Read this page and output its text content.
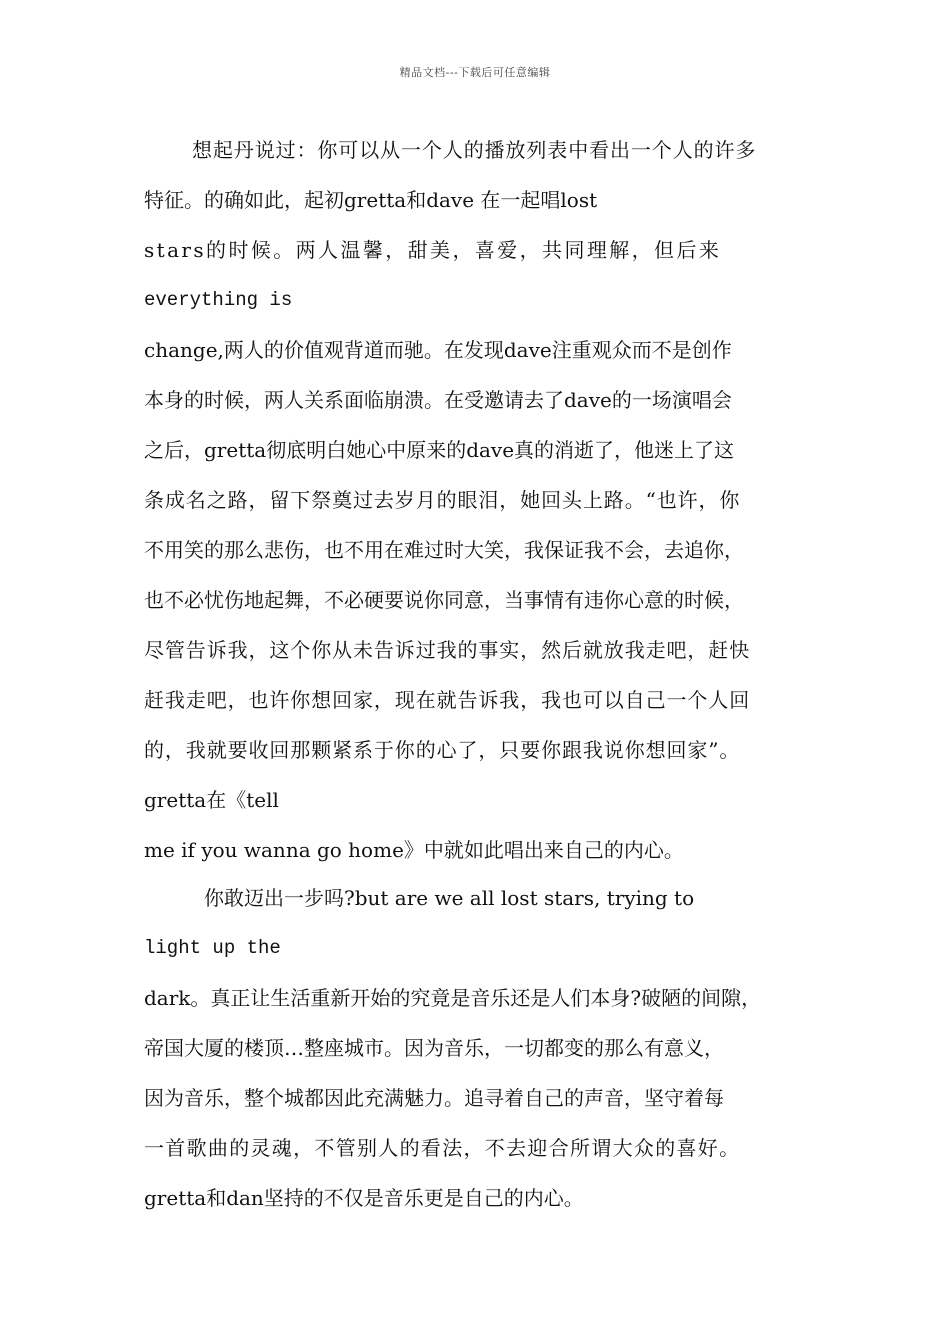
精品文档---下载后可任意编辑
想起丹说过：你可以从一个人的播放列表中看出一个人的许多
特征。的确如此，起初gretta和dave 在一起唱lost
stars的时候。两人温馨，甜美，喜爱，共同理解，但后来
everything is
change,两人的价值观背道而驰。在发现dave注重观众而不是创作
本身的时候，两人关系面临崩溃。在受邀请去了dave的一场演唱会
之后，gretta彻底明白她心中原来的dave真的消逝了，他迷上了这
条成名之路，留下祭奠过去岁月的眼泪，她回头上路。“也许，你
不用笑的那么悲伤，也不用在难过时大笑，我保证我不会，去追你，
也不必忧伤地起舞，不必硬要说你同意，当事情有违你心意的时候，
尽管告诉我，这个你从未告诉过我的事实，然后就放我走吧，赶快
赶我走吧，也许你想回家，现在就告诉我，我也可以自己一个人回
的，我就要收回那颗紧系于你的心了，只要你跟我说你想回家”。
gretta在《tell
me if you wanna go home》中就如此唱出来自己的内心。
你敢迈出一步吗?but are we all lost stars, trying to
light up the
dark。真正让生活重新开始的究竟是音乐还是人们本身?破陋的间隙，
帝国大厦的楼顶…整座城市。因为音乐，一切都变的那么有意义，
因为音乐，整个城都因此充满魅力。追寻着自己的声音，坚守着每
一首歌曲的灵魂，不管别人的看法，不去迎合所谓大众的喜好。
gretta和dan坚持的不仅是音乐更是自己的内心。
